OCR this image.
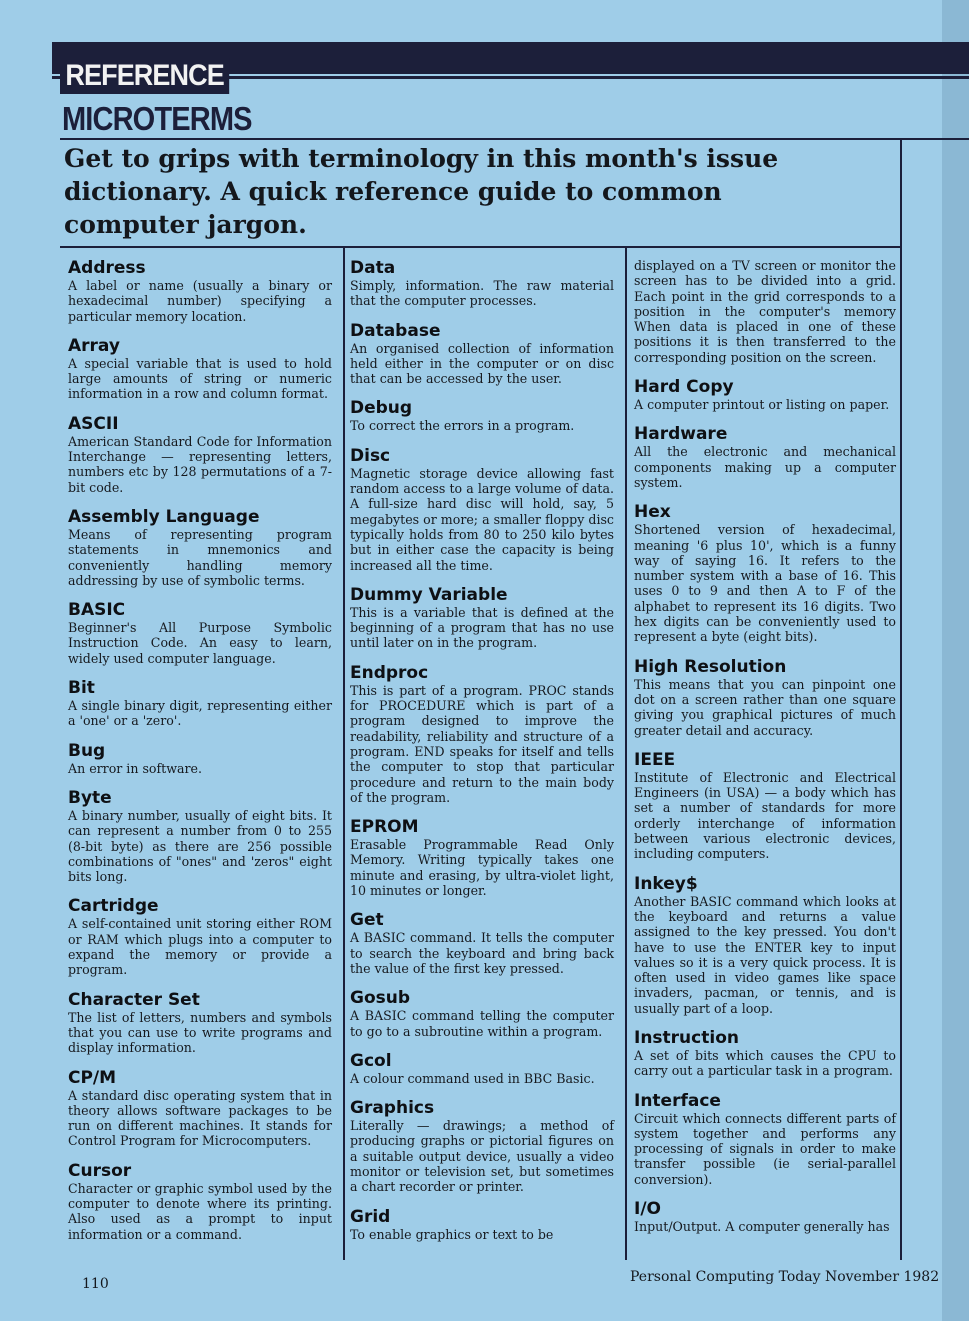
REFERENCE
MICROTERMS
Get to grips with terminology in this month's issue dictionary. A quick reference guide to common computer jargon.
Address
A label or name (usually a binary or hexadecimal number) specifying a particular memory location.
Array
A special variable that is used to hold large amounts of string or numeric information in a row and column format.
ASCII
American Standard Code for Information Interchange — representing letters, numbers etc by 128 permutations of a 7-bit code.
Assembly Language
Means of representing program statements in mnemonics and conveniently handling memory addressing by use of symbolic terms.
BASIC
Beginner's All Purpose Symbolic Instruction Code. An easy to learn, widely used computer language.
Bit
A single binary digit, representing either a 'one' or a 'zero'.
Bug
An error in software.
Byte
A binary number, usually of eight bits. It can represent a number from 0 to 255 (8-bit byte) as there are 256 possible combinations of "ones" and 'zeros" eight bits long.
Cartridge
A self-contained unit storing either ROM or RAM which plugs into a computer to expand the memory or provide a program.
Character Set
The list of letters, numbers and symbols that you can use to write programs and display information.
CP/M
A standard disc operating system that in theory allows software packages to be run on different machines. It stands for Control Program for Microcomputers.
Cursor
Character or graphic symbol used by the computer to denote where its printing. Also used as a prompt to input information or a command.
Data
Simply, information. The raw material that the computer processes.
Database
An organised collection of information held either in the computer or on disc that can be accessed by the user.
Debug
To correct the errors in a program.
Disc
Magnetic storage device allowing fast random access to a large volume of data. A full-size hard disc will hold, say, 5 megabytes or more; a smaller floppy disc typically holds from 80 to 250 kilo bytes but in either case the capacity is being increased all the time.
Dummy Variable
This is a variable that is defined at the beginning of a program that has no use until later on in the program.
Endproc
This is part of a program. PROC stands for PROCEDURE which is part of a program designed to improve the readability, reliability and structure of a program. END speaks for itself and tells the computer to stop that particular procedure and return to the main body of the program.
EPROM
Erasable Programmable Read Only Memory. Writing typically takes one minute and erasing, by ultra-violet light, 10 minutes or longer.
Get
A BASIC command. It tells the computer to search the keyboard and bring back the value of the first key pressed.
Gosub
A BASIC command telling the computer to go to a subroutine within a program.
Gcol
A colour command used in BBC Basic.
Graphics
Literally — drawings; a method of producing graphs or pictorial figures on a suitable output device, usually a video monitor or television set, but sometimes a chart recorder or printer.
Grid
To enable graphics or text to be
displayed on a TV screen or monitor the screen has to be divided into a grid. Each point in the grid corresponds to a position in the computer's memory When data is placed in one of these positions it is then transferred to the corresponding position on the screen.
Hard Copy
A computer printout or listing on paper.
Hardware
All the electronic and mechanical components making up a computer system.
Hex
Shortened version of hexadecimal, meaning '6 plus 10', which is a funny way of saying 16. It refers to the number system with a base of 16. This uses 0 to 9 and then A to F of the alphabet to represent its 16 digits. Two hex digits can be conveniently used to represent a byte (eight bits).
High Resolution
This means that you can pinpoint one dot on a screen rather than one square giving you graphical pictures of much greater detail and accuracy.
IEEE
Institute of Electronic and Electrical Engineers (in USA) — a body which has set a number of standards for more orderly interchange of information between various electronic devices, including computers.
Inkey$
Another BASIC command which looks at the keyboard and returns a value assigned to the key pressed. You don't have to use the ENTER key to input values so it is a very quick process. It is often used in video games like space invaders, pacman, or tennis, and is usually part of a loop.
Instruction
A set of bits which causes the CPU to carry out a particular task in a program.
Interface
Circuit which connects different parts of system together and performs any processing of signals in order to make transfer possible (ie serial-parallel conversion).
I/O
Input/Output. A computer generally has
110	Personal Computing Today November 1982
